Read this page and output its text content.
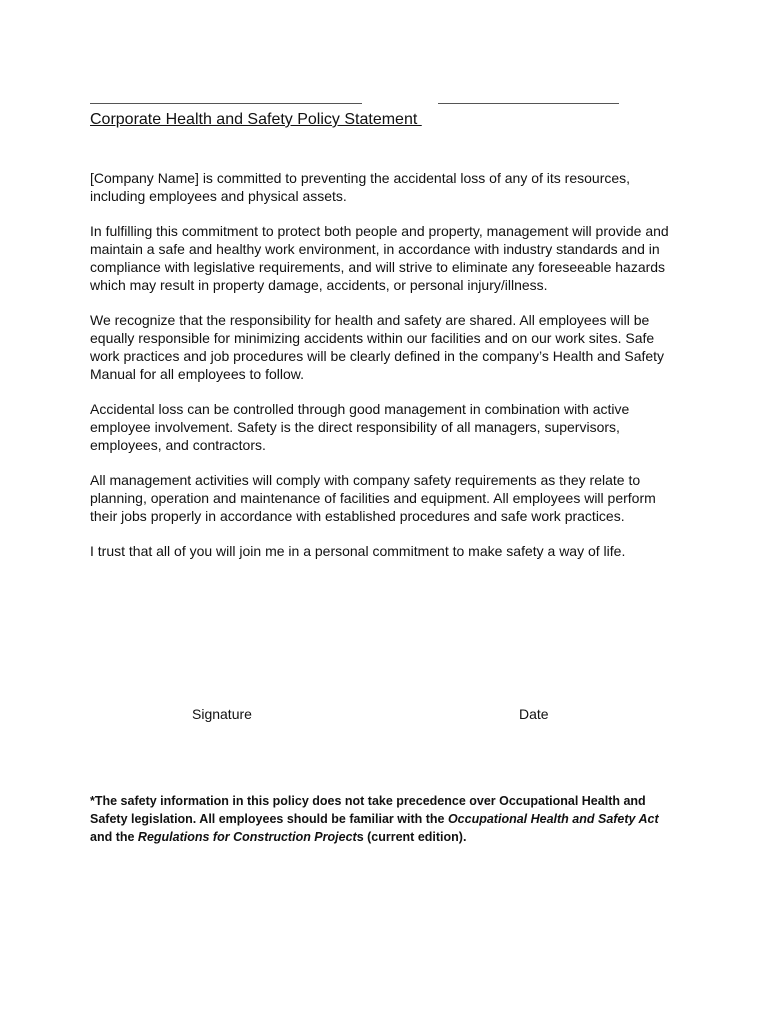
Corporate Health and Safety Policy Statement

[Company Name] is committed to preventing the accidental loss of any of its resources, including employees and physical assets.

In fulfilling this commitment to protect both people and property, management will provide and maintain a safe and healthy work environment, in accordance with industry standards and in compliance with legislative requirements, and will strive to eliminate any foreseeable hazards which may result in property damage, accidents, or personal injury/illness.

We recognize that the responsibility for health and safety are shared. All employees will be equally responsible for minimizing accidents within our facilities and on our work sites. Safe work practices and job procedures will be clearly defined in the company’s Health and Safety Manual for all employees to follow.

Accidental loss can be controlled through good management in combination with active employee involvement. Safety is the direct responsibility of all managers, supervisors, employees, and contractors.

All management activities will comply with company safety requirements as they relate to planning, operation and maintenance of facilities and equipment. All employees will perform their jobs properly in accordance with established procedures and safe work practices.

I trust that all of you will join me in a personal commitment to make safety a way of life.

Signature	Date
*The safety information in this policy does not take precedence over Occupational Health and Safety legislation. All employees should be familiar with the Occupational Health and Safety Act and the Regulations for Construction Projects (current edition).
